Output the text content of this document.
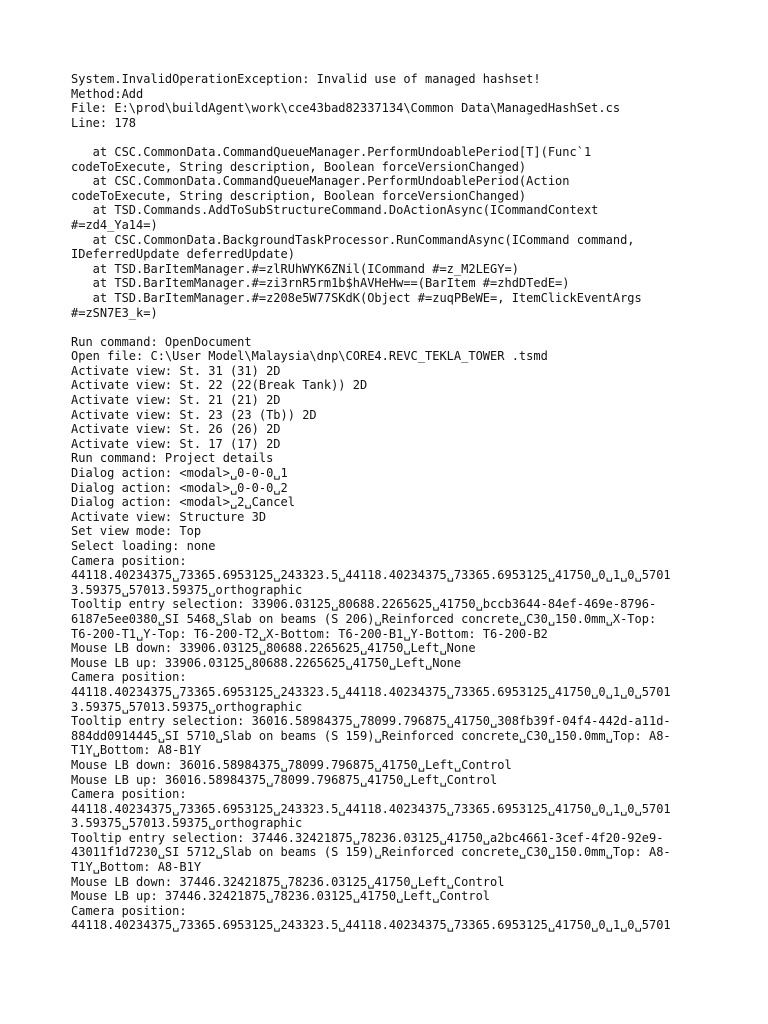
System.InvalidOperationException: Invalid use of managed hashset!
Method:Add
File: E:\prod\buildAgent\work\cce43bad82337134\Common Data\ManagedHashSet.cs
Line: 178
at CSC.CommonData.CommandQueueManager.PerformUndoablePeriod[T](Func`1
codeToExecute, String description, Boolean forceVersionChanged)
at CSC.CommonData.CommandQueueManager.PerformUndoablePeriod(Action
codeToExecute, String description, Boolean forceVersionChanged)
at TSD.Commands.AddToSubStructureCommand.DoActionAsync(ICommandContext
#=zd4_Ya14=)
at CSC.CommonData.BackgroundTaskProcessor.RunCommandAsync(ICommand command,
IDeferredUpdate deferredUpdate)
at TSD.BarItemManager.#=zlRUhWYK6ZNil(ICommand #=z_M2LEGY=)
at TSD.BarItemManager.#=zi3rnR5rm1b$hAVHeHw==(BarItem #=zhdDTedE=)
at TSD.BarItemManager.#=z208e5W77SKdK(Object #=zuqPBeWE=, ItemClickEventArgs
#=zSN7E3_k=)
Run command: OpenDocument
Open file: C:\User Model\Malaysia\dnp\CORE4.REVC_TEKLA_TOWER .tsmd
Activate view: St. 31 (31) 2D
Activate view: St. 22 (22(Break Tank)) 2D
Activate view: St. 21 (21) 2D
Activate view: St. 23 (23 (Tb)) 2D
Activate view: St. 26 (26) 2D
Activate view: St. 17 (17) 2D
Run command: Project details
Dialog action: <modal>␣0-0-0␣1
Dialog action: <modal>␣0-0-0␣2
Dialog action: <modal>␣2␣Cancel
Activate view: Structure 3D
Set view mode: Top
Select loading: none
Camera position:
44118.40234375␣73365.6953125␣243323.5␣44118.40234375␣73365.6953125␣41750␣0␣1␣0␣5701
3.59375␣57013.59375␣orthographic
Tooltip entry selection: 33906.03125␣80688.2265625␣41750␣bccb3644-84ef-469e-8796-
6187e5ee0380␣SI 5468␣Slab on beams (S 206)␣Reinforced concrete␣C30␣150.0mm␣X-Top:
T6-200-T1␣Y-Top: T6-200-T2␣X-Bottom: T6-200-B1␣Y-Bottom: T6-200-B2
Mouse LB down: 33906.03125␣80688.2265625␣41750␣Left␣None
Mouse LB up: 33906.03125␣80688.2265625␣41750␣Left␣None
Camera position:
44118.40234375␣73365.6953125␣243323.5␣44118.40234375␣73365.6953125␣41750␣0␣1␣0␣5701
3.59375␣57013.59375␣orthographic
Tooltip entry selection: 36016.58984375␣78099.796875␣41750␣308fb39f-04f4-442d-a11d-
884dd0914445␣SI 5710␣Slab on beams (S 159)␣Reinforced concrete␣C30␣150.0mm␣Top: A8-
T1Y␣Bottom: A8-B1Y
Mouse LB down: 36016.58984375␣78099.796875␣41750␣Left␣Control
Mouse LB up: 36016.58984375␣78099.796875␣41750␣Left␣Control
Camera position:
44118.40234375␣73365.6953125␣243323.5␣44118.40234375␣73365.6953125␣41750␣0␣1␣0␣5701
3.59375␣57013.59375␣orthographic
Tooltip entry selection: 37446.32421875␣78236.03125␣41750␣a2bc4661-3cef-4f20-92e9-
43011f1d7230␣SI 5712␣Slab on beams (S 159)␣Reinforced concrete␣C30␣150.0mm␣Top: A8-
T1Y␣Bottom: A8-B1Y
Mouse LB down: 37446.32421875␣78236.03125␣41750␣Left␣Control
Mouse LB up: 37446.32421875␣78236.03125␣41750␣Left␣Control
Camera position:
44118.40234375␣73365.6953125␣243323.5␣44118.40234375␣73365.6953125␣41750␣0␣1␣0␣5701
